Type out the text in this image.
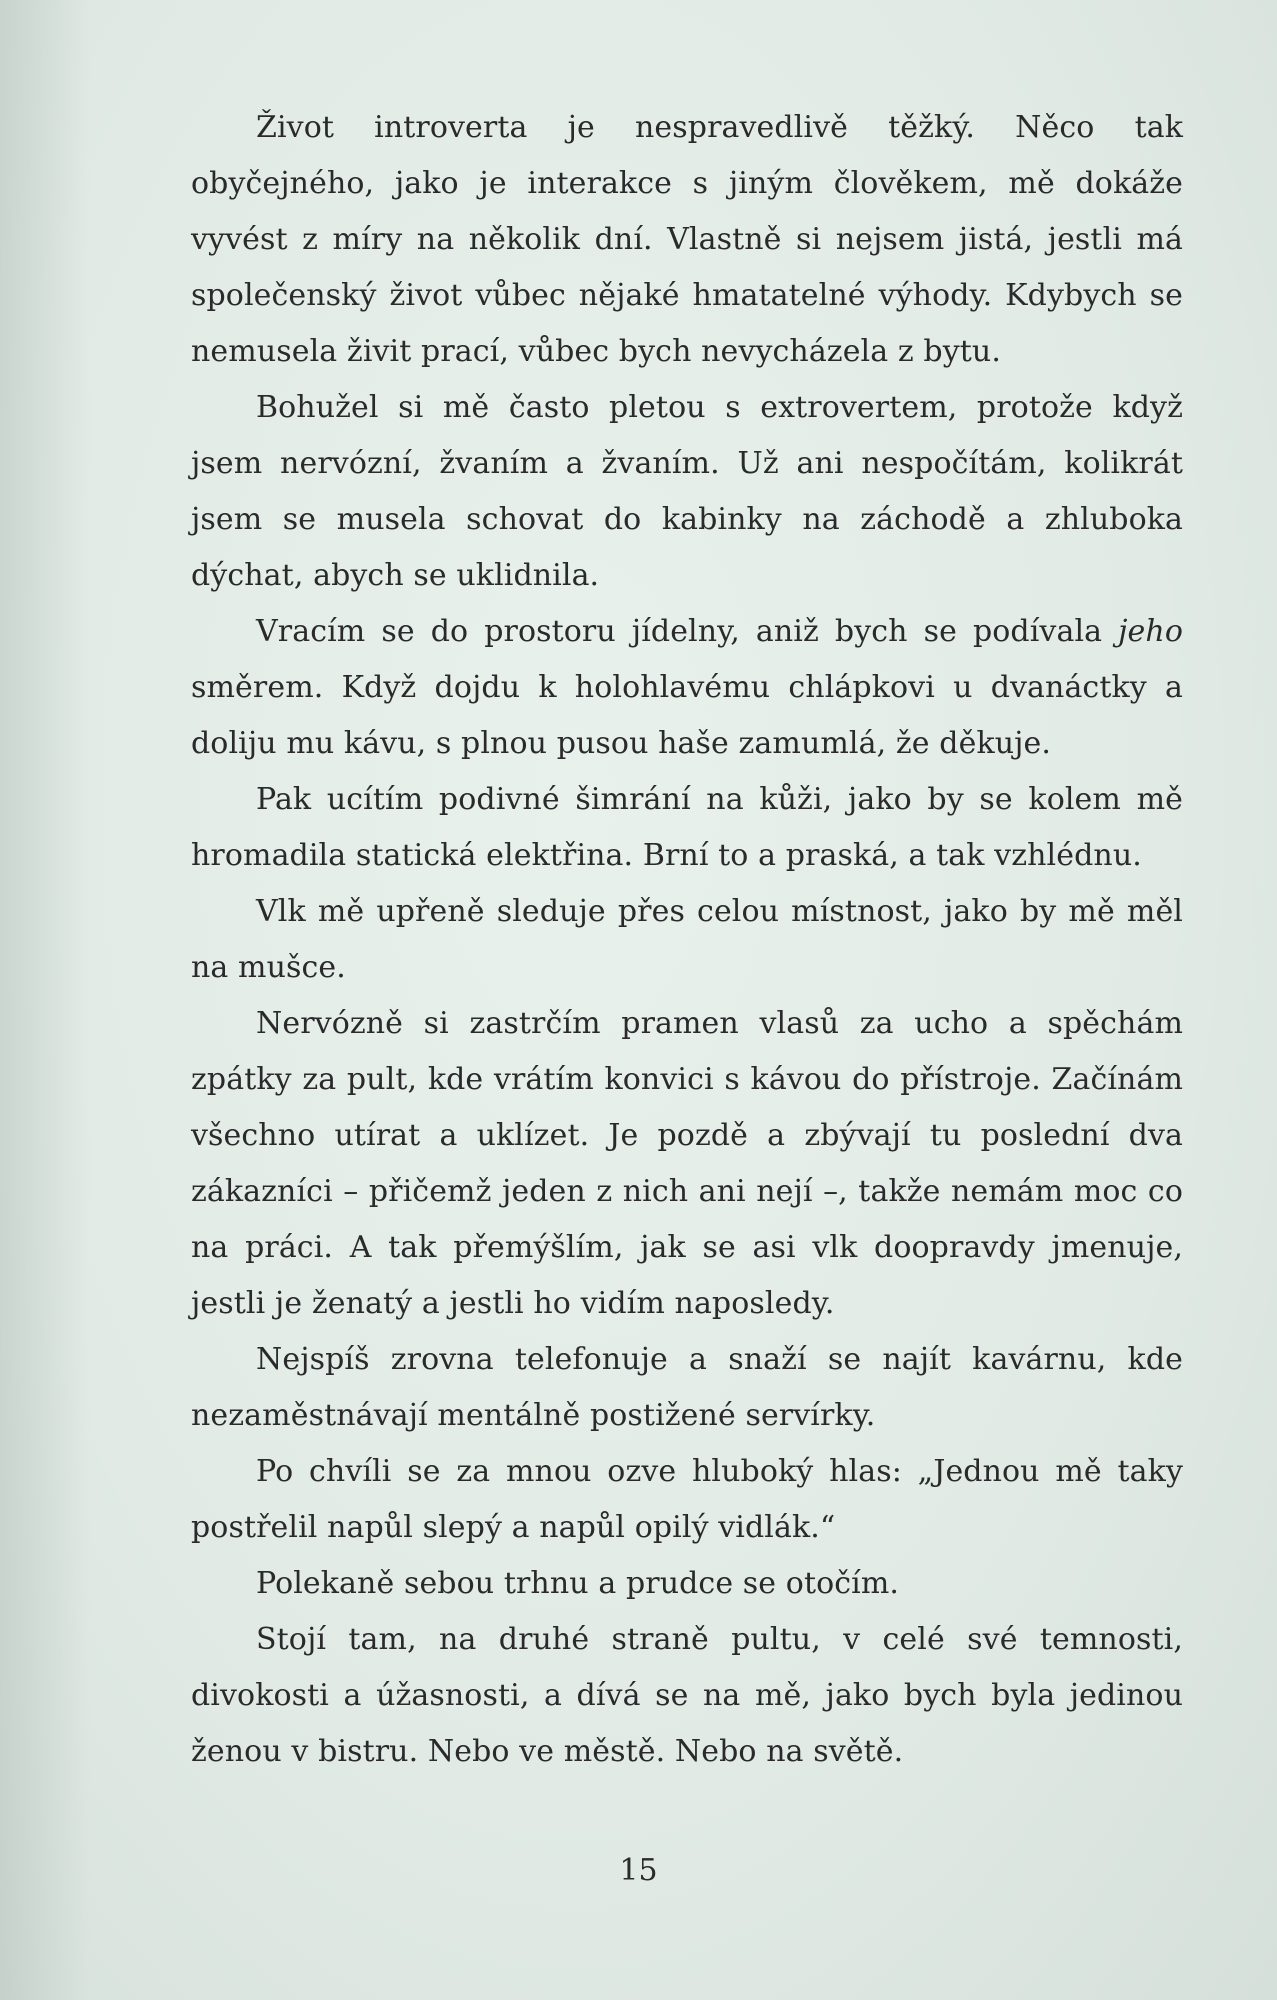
Život introverta je nespravedlivě těžký. Něco tak obyčejného, jako je interakce s jiným člověkem, mě dokáže vyvést z míry na několik dní. Vlastně si nejsem jistá, jestli má společenský život vůbec nějaké hmatatelné výhody. Kdybych se nemusela živit prací, vůbec bych nevycházela z bytu.

Bohužel si mě často pletou s extrovertem, protože když jsem nervózní, žvaním a žvaním. Už ani nespočítám, kolikrát jsem se musela schovat do kabinky na záchodě a zhluboka dýchat, abych se uklidnila.

Vracím se do prostoru jídelny, aniž bych se podívala jeho směrem. Když dojdu k holohlavému chlápkovi u dvanáctky a doliju mu kávu, s plnou pusou haše zamumlá, že děkuje.

Pak ucítím podivné šimrání na kůži, jako by se kolem mě hromadila statická elektřina. Brní to a praská, a tak vzhlédnu.

Vlk mě upřeně sleduje přes celou místnost, jako by mě měl na mušce.

Nervózně si zastrčím pramen vlasů za ucho a spěchám zpátky za pult, kde vrátím konvici s kávou do přístroje. Začínám všechno utírat a uklízet. Je pozdě a zbývají tu poslední dva zákazníci – přičemž jeden z nich ani nejí –, takže nemám moc co na práci. A tak přemýšlím, jak se asi vlk doopravdy jmenuje, jestli je ženatý a jestli ho vidím naposledy.

Nejspíš zrovna telefonuje a snaží se najít kavárnu, kde nezaměstnávají mentálně postižené servírky.

Po chvíli se za mnou ozve hluboký hlas: „Jednou mě taky postřelil napůl slepý a napůl opilý vidlák.“

Polekaně sebou trhnu a prudce se otočím.

Stojí tam, na druhé straně pultu, v celé své temnosti, divokosti a úžasnosti, a dívá se na mě, jako bych byla jedinou ženou v bistru. Nebo ve městě. Nebo na světě.

15
